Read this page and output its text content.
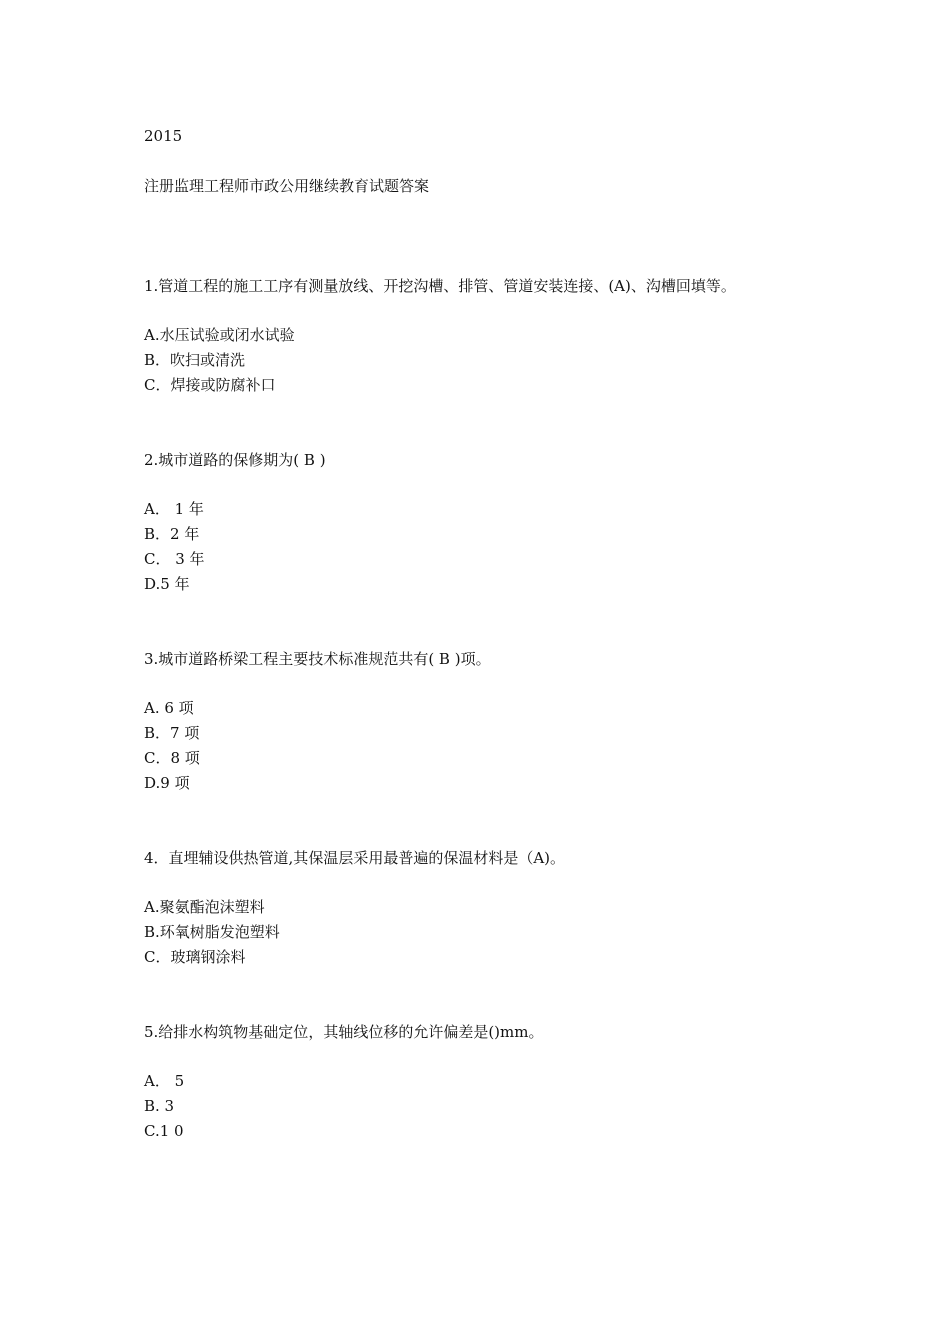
2015
注册监理工程师市政公用继续教育试题答案
1.管道工程的施工工序有测量放线、开挖沟槽、排管、管道安装连接、(A)、沟槽回填等。
A.水压试验或闭水试验
B．吹扫或清洗
C．焊接或防腐补口
2.城市道路的保修期为( B )
A． 1 年
B．2 年
C． 3 年
D.5 年
3.城市道路桥梁工程主要技术标准规范共有( B )项。
A. 6 项
B．7 项
C．8 项
D.9 项
4．直埋辅设供热管道,其保温层采用最普遍的保温材料是（A)。
A.聚氨酯泡沫塑料
B.环氧树脂发泡塑料
C．玻璃钢涂料
5.给排水构筑物基础定位，其轴线位移的允许偏差是()mm。
A． 5
B. 3
C.1 0
